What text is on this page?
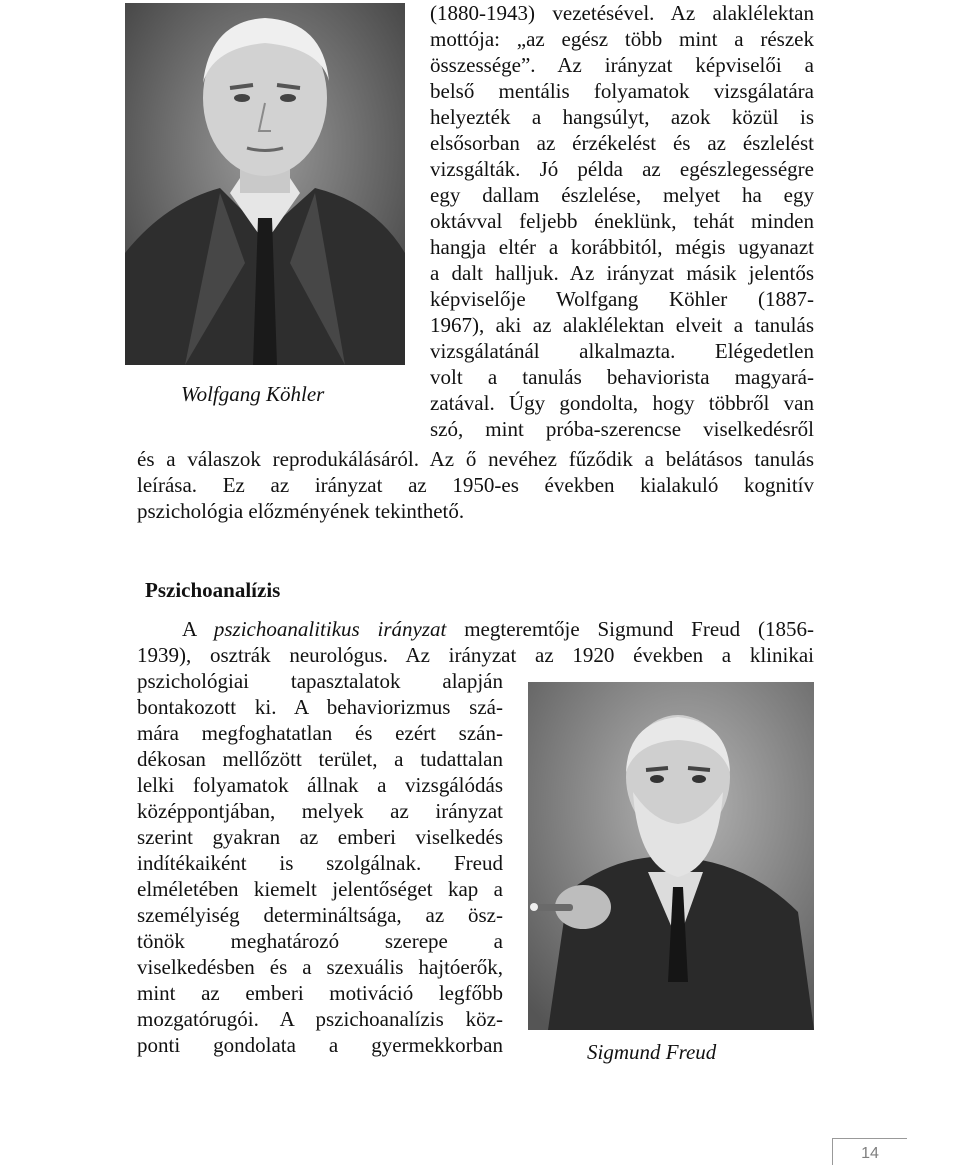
Wolfgang Köhler
(1880-1943) vezetésével. Az alaklélektan
mottója: „az egész több mint a részek
összessége”. Az irányzat képviselői a
belső mentális folyamatok vizsgálatára
helyezték a hangsúlyt, azok közül is
elsősorban az érzékelést és az észlelést
vizsgálták. Jó példa az egészlegességre
egy dallam észlelése, melyet ha egy
oktávval feljebb éneklünk, tehát minden
hangja eltér a korábbitól, mégis ugyanazt
a dalt halljuk. Az irányzat másik jelentős
képviselője Wolfgang Köhler (1887-
1967), aki az alaklélektan elveit a tanulás
vizsgálatánál alkalmazta. Elégedetlen
volt a tanulás behaviorista magyará-
zatával. Úgy gondolta, hogy többről van
szó, mint próba-szerencse viselkedésről
és a válaszok reprodukálásáról. Az ő nevéhez fűződik a belátásos tanulás
leírása. Ez az irányzat az 1950-es években kialakuló kognitív
pszichológia előzményének tekinthető.
Pszichoanalízis
A pszichoanalitikus irányzat megteremtője Sigmund Freud (1856-
1939), osztrák neurológus. Az irányzat az 1920 években a klinikai
pszichológiai tapasztalatok alapján
bontakozott ki. A behaviorizmus szá-
mára megfoghatatlan és ezért szán-
dékosan mellőzött terület, a tudattalan
lelki folyamatok állnak a vizsgálódás
középpontjában, melyek az irányzat
szerint gyakran az emberi viselkedés
indítékaiként is szolgálnak. Freud
elméletében kiemelt jelentőséget kap a
személyiség determináltsága, az ösz-
tönök meghatározó szerepe a
viselkedésben és a szexuális hajtóerők,
mint az emberi motiváció legfőbb
mozgatórugói. A pszichoanalízis köz-
ponti gondolata a gyermekkorban	Sigmund Freud
14
